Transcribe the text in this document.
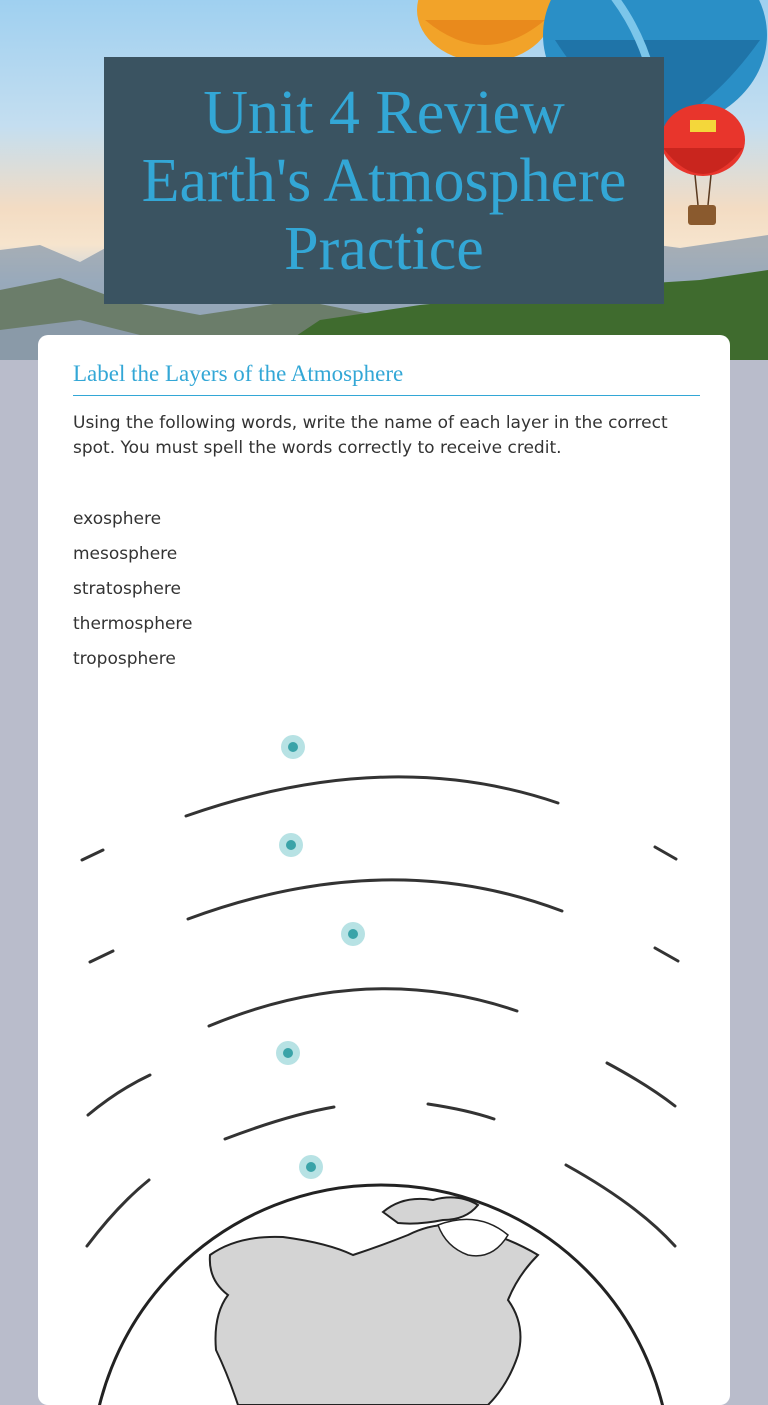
Unit 4 Review
Earth's Atmosphere
Practice
Label the Layers of the Atmosphere
Using the following words, write the name of each layer in the correct spot. You must spell the words correctly to receive credit.
exosphere
mesosphere
stratosphere
thermosphere
troposphere
